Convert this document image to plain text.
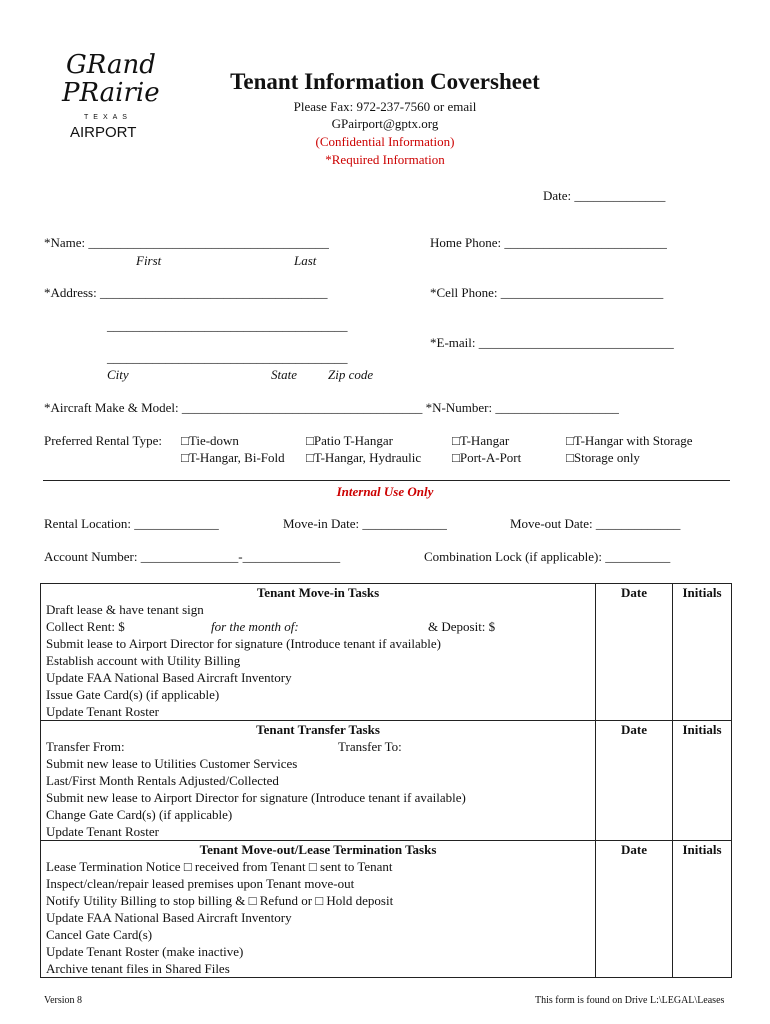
GRand
PRairie
TEXAS
AIRPORT
Tenant Information Coversheet
Please Fax: 972-237-7560 or email
GPairport@gptx.org
(Confidential Information)
*Required Information
Date: ______________
*Name: _____________________________________
First	Last
Home Phone: _________________________
*Address: ___________________________________	*Cell Phone: _________________________
_____________________________________
*E-mail: ______________________________
_____________________________________
City	State Zip code
*Aircraft Make & Model: _____________________________________ *N-Number: ___________________
Preferred Rental Type: □Tie-down	□Patio T-Hangar	□T-Hangar	□T-Hangar with Storage
□T-Hangar, Bi-Fold □T-Hangar, Hydraulic □Port-A-Port	□Storage only
Internal Use Only
Rental Location: _____________	Move-in Date: _____________	Move-out Date: _____________
Account Number: _______________-_______________	Combination Lock (if applicable): __________
Tenant Move-in Tasks	Date	Initials
Draft lease & have tenant sign		
Collect Rent: $ for the month of: & Deposit: $		

Submit lease to Airport Director for signature (Introduce tenant if available)		
Establish account with Utility Billing		
Update FAA National Based Aircraft Inventory		
Issue Gate Card(s) (if applicable)		
Update Tenant Roster		
Tenant Transfer Tasks	Date	Initials
Transfer From: Transfer To:		

Submit new lease to Utilities Customer Services		
Last/First Month Rentals Adjusted/Collected		
Submit new lease to Airport Director for signature (Introduce tenant if available)		
Change Gate Card(s) (if applicable)		
Update Tenant Roster		
Tenant Move-out/Lease Termination Tasks	Date	Initials
Lease Termination Notice □ received from Tenant □ sent to Tenant		
Inspect/clean/repair leased premises upon Tenant move-out		
Notify Utility Billing to stop billing & □ Refund or □ Hold deposit		
Update FAA National Based Aircraft Inventory		
Cancel Gate Card(s)		
Update Tenant Roster (make inactive)		
Archive tenant files in Shared Files		
Version 8	This form is found on Drive L:\LEGAL\Leases
